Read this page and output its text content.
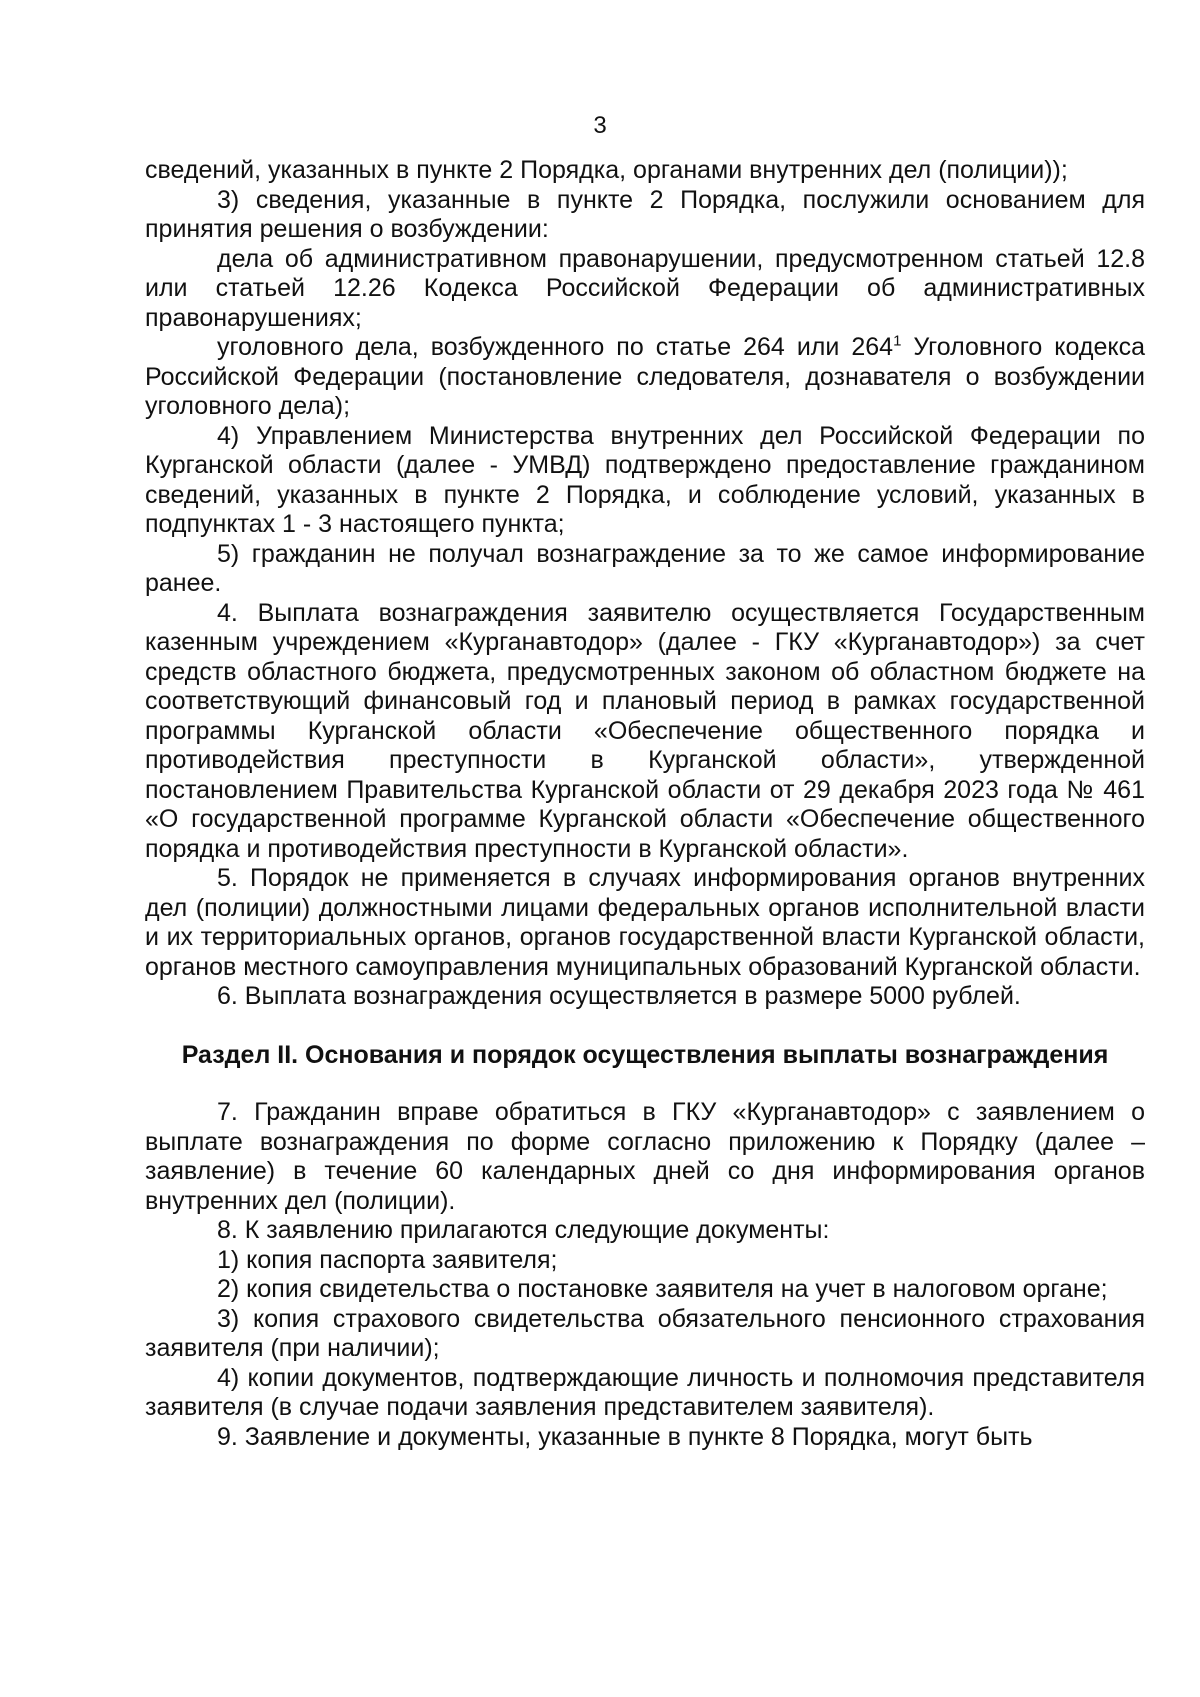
3

сведений, указанных в пункте 2 Порядка, органами внутренних дел (полиции));

3) сведения, указанные в пункте 2 Порядка, послужили основанием для принятия решения о возбуждении:

дела об административном правонарушении, предусмотренном статьей 12.8 или статьей 12.26 Кодекса Российской Федерации об административных правонарушениях;

уголовного дела, возбужденного по статье 264 или $264^1$ Уголовного кодекса Российской Федерации (постановление следователя, дознавателя о возбуждении уголовного дела);

4) Управлением Министерства внутренних дел Российской Федерации по Курганской области (далее - УМВД) подтверждено предоставление гражданином сведений, указанных в пункте 2 Порядка, и соблюдение условий, указанных в подпунктах 1 - 3 настоящего пункта;

5) гражданин не получал вознаграждение за то же самое информирование ранее.

4. Выплата вознаграждения заявителю осуществляется Государственным казенным учреждением «Курганавтодор» (далее - ГКУ «Курганавтодор») за счет средств областного бюджета, предусмотренных законом об областном бюджете на соответствующий финансовый год и плановый период в рамках государственной программы Курганской области «Обеспечение общественного порядка и противодействия преступности в Курганской области», утвержденной постановлением Правительства Курганской области от 29 декабря 2023 года № 461 «О государственной программе Курганской области «Обеспечение общественного порядка и противодействия преступности в Курганской области».

5. Порядок не применяется в случаях информирования органов внутренних дел (полиции) должностными лицами федеральных органов исполнительной власти и их территориальных органов, органов государственной власти Курганской области, органов местного самоуправления муниципальных образований Курганской области.

6. Выплата вознаграждения осуществляется в размере 5000 рублей.

Раздел II. Основания и порядок осуществления выплаты вознаграждения

7. Гражданин вправе обратиться в ГКУ «Курганавтодор» с заявлением о выплате вознаграждения по форме согласно приложению к Порядку (далее – заявление) в течение 60 календарных дней со дня информирования органов внутренних дел (полиции).

8. К заявлению прилагаются следующие документы:

1) копия паспорта заявителя;

2) копия свидетельства о постановке заявителя на учет в налоговом органе;

3) копия страхового свидетельства обязательного пенсионного страхования заявителя (при наличии);

4) копии документов, подтверждающие личность и полномочия представителя заявителя (в случае подачи заявления представителем заявителя).

9. Заявление и документы, указанные в пункте 8 Порядка, могут быть
